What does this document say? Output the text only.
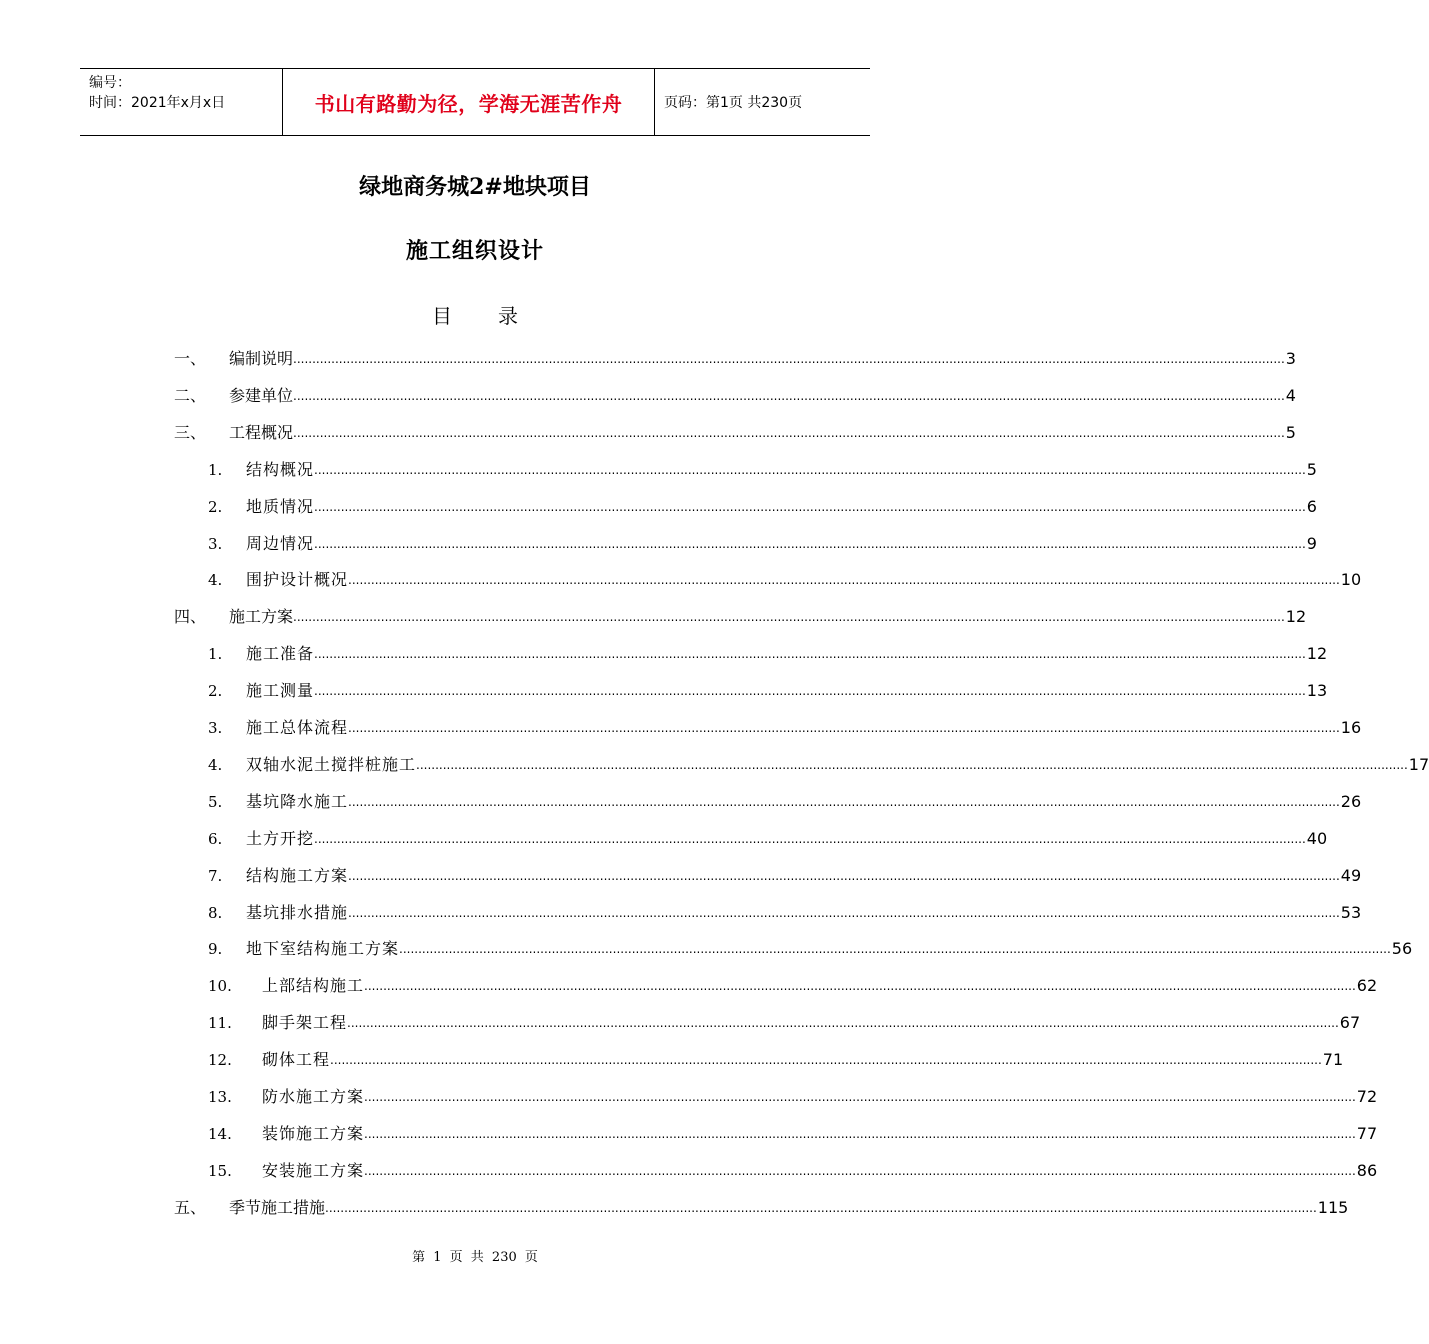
编号：
时间：2021年x月x日	书山有路勤为径，学海无涯苦作舟	页码：第1页 共230页
绿地商务城2#地块项目
施工组织设计
目 录
一、 编制说明 .................................................................................................................................................................................................................................................................... 3
二、 参建单位 .................................................................................................................................................................................................................................................................... 4
三、 工程概况 .................................................................................................................................................................................................................................................................... 5
1. 结构概况 .................................................................................................................................................................................................................................................................... 5
2. 地质情况 .................................................................................................................................................................................................................................................................... 6
3. 周边情况 .................................................................................................................................................................................................................................................................... 9
4. 围护设计概况 .................................................................................................................................................................................................................................................................... 10
四、 施工方案 .................................................................................................................................................................................................................................................................... 12
1. 施工准备 .................................................................................................................................................................................................................................................................... 12
2. 施工测量 .................................................................................................................................................................................................................................................................... 13
3. 施工总体流程 .................................................................................................................................................................................................................................................................... 16
4. 双轴水泥土搅拌桩施工 .................................................................................................................................................................................................................................................................... 17
5. 基坑降水施工 .................................................................................................................................................................................................................................................................... 26
6. 土方开挖 .................................................................................................................................................................................................................................................................... 40
7. 结构施工方案 .................................................................................................................................................................................................................................................................... 49
8. 基坑排水措施 .................................................................................................................................................................................................................................................................... 53
9. 地下室结构施工方案 .................................................................................................................................................................................................................................................................... 56
10. 上部结构施工 .................................................................................................................................................................................................................................................................... 62
11. 脚手架工程 .................................................................................................................................................................................................................................................................... 67
12. 砌体工程 .................................................................................................................................................................................................................................................................... 71
13. 防水施工方案 .................................................................................................................................................................................................................................................................... 72
14. 装饰施工方案 .................................................................................................................................................................................................................................................................... 77
15. 安装施工方案 .................................................................................................................................................................................................................................................................... 86
五、 季节施工措施 .................................................................................................................................................................................................................................................................... 115
第 1 页 共 230 页
